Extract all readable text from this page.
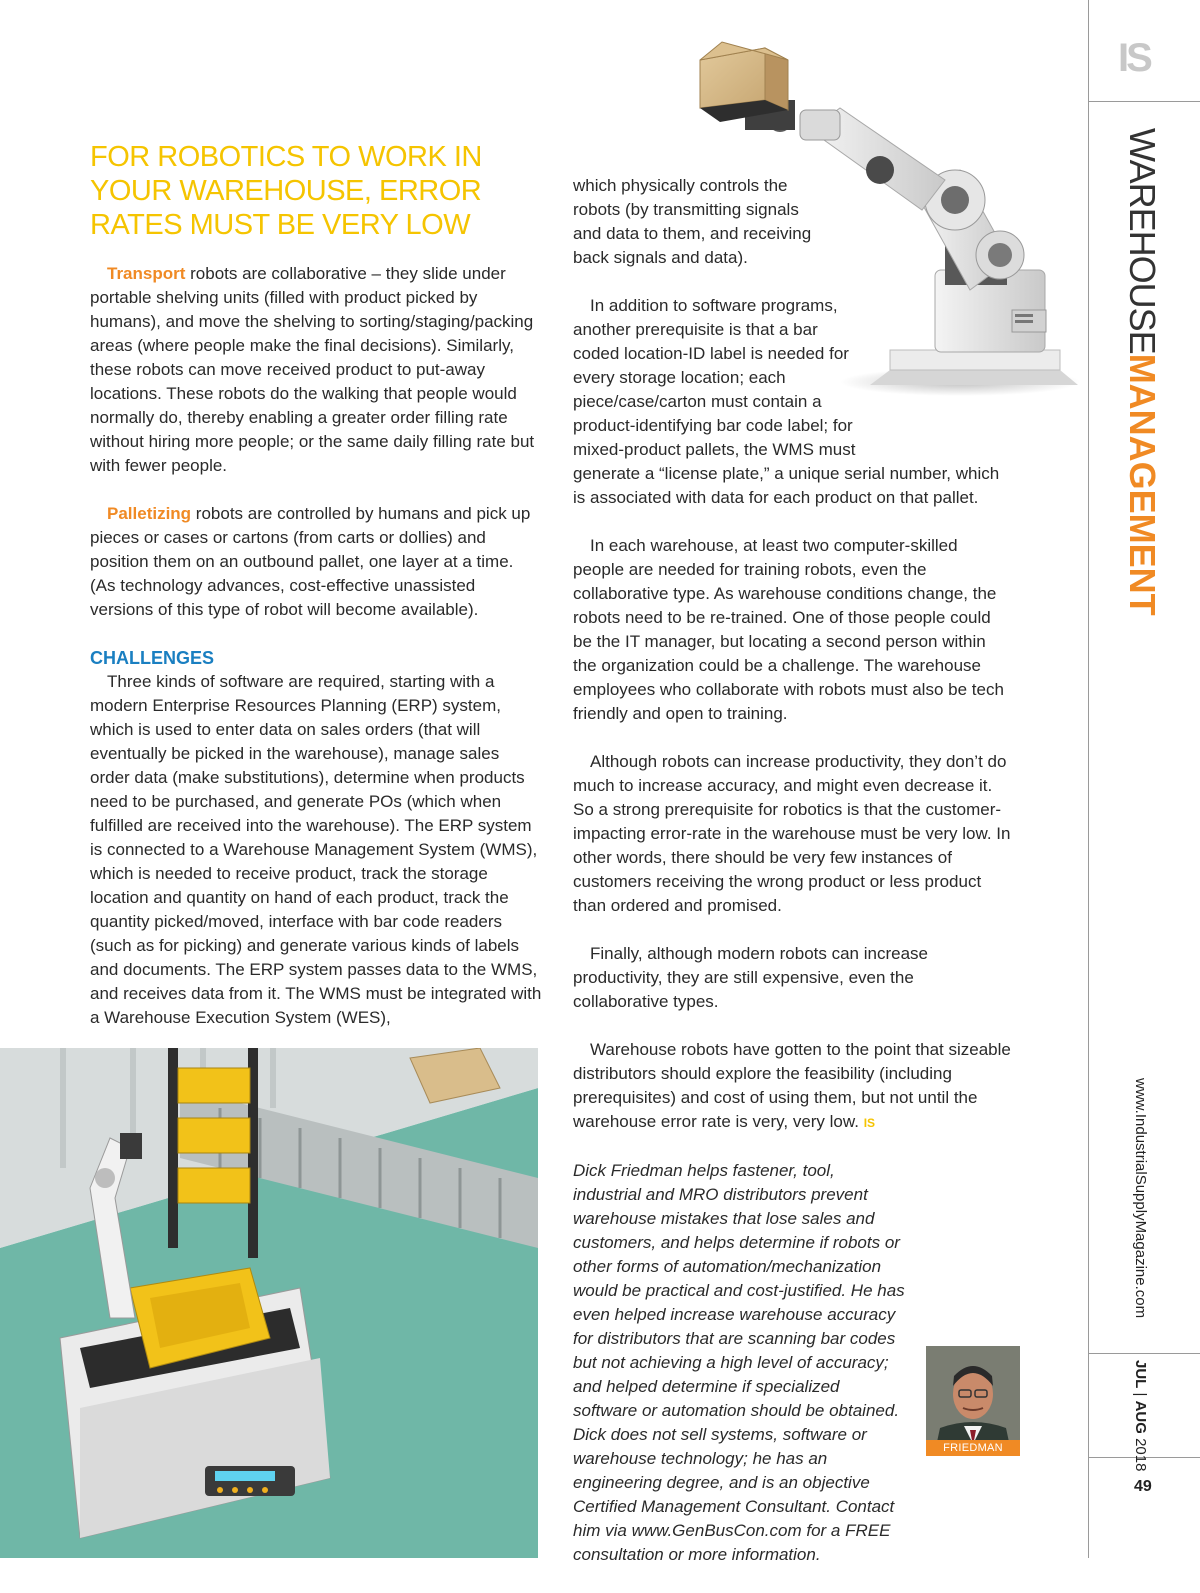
IS
WAREHOUSEMANAGEMENT
www.IndustrialSupplyMagazine.com
JUL | AUG 2018
49
FOR ROBOTICS TO WORK IN YOUR WAREHOUSE, ERROR RATES MUST BE VERY LOW

Transport robots are collaborative – they slide under portable shelving units (filled with product picked by humans), and move the shelving to sorting/staging/packing areas (where people make the final decisions). Similarly, these robots can move received product to put-away locations. These robots do the walking that people would normally do, thereby enabling a greater order filling rate without hiring more people; or the same daily filling rate but with fewer people.

Palletizing robots are controlled by humans and pick up pieces or cases or cartons (from carts or dollies) and position them on an outbound pallet, one layer at a time. (As technology advances, cost-effective unassisted versions of this type of robot will become available).

CHALLENGES

Three kinds of software are required, starting with a modern Enterprise Resources Planning (ERP) system, which is used to enter data on sales orders (that will eventually be picked in the warehouse), manage sales order data (make substitutions), determine when products need to be purchased, and generate POs (which when fulfilled are received into the warehouse). The ERP system is connected to a Warehouse Management System (WMS), which is needed to receive product, track the storage location and quantity on hand of each product, track the quantity picked/moved, interface with bar code readers (such as for picking) and generate various kinds of labels and documents. The ERP system passes data to the WMS, and receives data from it. The WMS must be integrated with a Warehouse Execution System (WES),

which physically controls the robots (by transmitting signals and data to them, and receiving back signals and data).

In addition to software programs, another prerequisite is that a bar coded location-ID label is needed for every storage location; each piece/case/carton must contain a product-identifying bar code label; for mixed-product pallets, the WMS must generate a “license plate,” a unique serial number, which is associated with data for each product on that pallet.

In each warehouse, at least two computer-skilled people are needed for training robots, even the collaborative type. As warehouse conditions change, the robots need to be re-trained. One of those people could be the IT manager, but locating a second person within the organization could be a challenge. The warehouse employees who collaborate with robots must also be tech friendly and open to training.

Although robots can increase productivity, they don’t do much to increase accuracy, and might even decrease it. So a strong prerequisite for robotics is that the customer-impacting error-rate in the warehouse must be very low. In other words, there should be very few instances of customers receiving the wrong product or less product than ordered and promised.

Finally, although modern robots can increase productivity, they are still expensive, even the collaborative types.

Warehouse robots have gotten to the point that sizeable distributors should explore the feasibility (including prerequisites) and cost of using them, but not until the warehouse error rate is very, very low. IS

Dick Friedman helps fastener, tool, industrial and MRO distributors prevent warehouse mistakes that lose sales and customers, and helps determine if robots or other forms of automation/mechanization would be practical and cost-justified. He has even helped increase warehouse accuracy for distributors that are scanning bar codes but not achieving a high level of accuracy; and helped determine if specialized software or automation should be obtained. Dick does not sell systems, software or warehouse technology; he has an engineering degree, and is an objective Certified Management Consultant. Contact him via www.GenBusCon.com for a FREE consultation or more information.

FRIEDMAN
